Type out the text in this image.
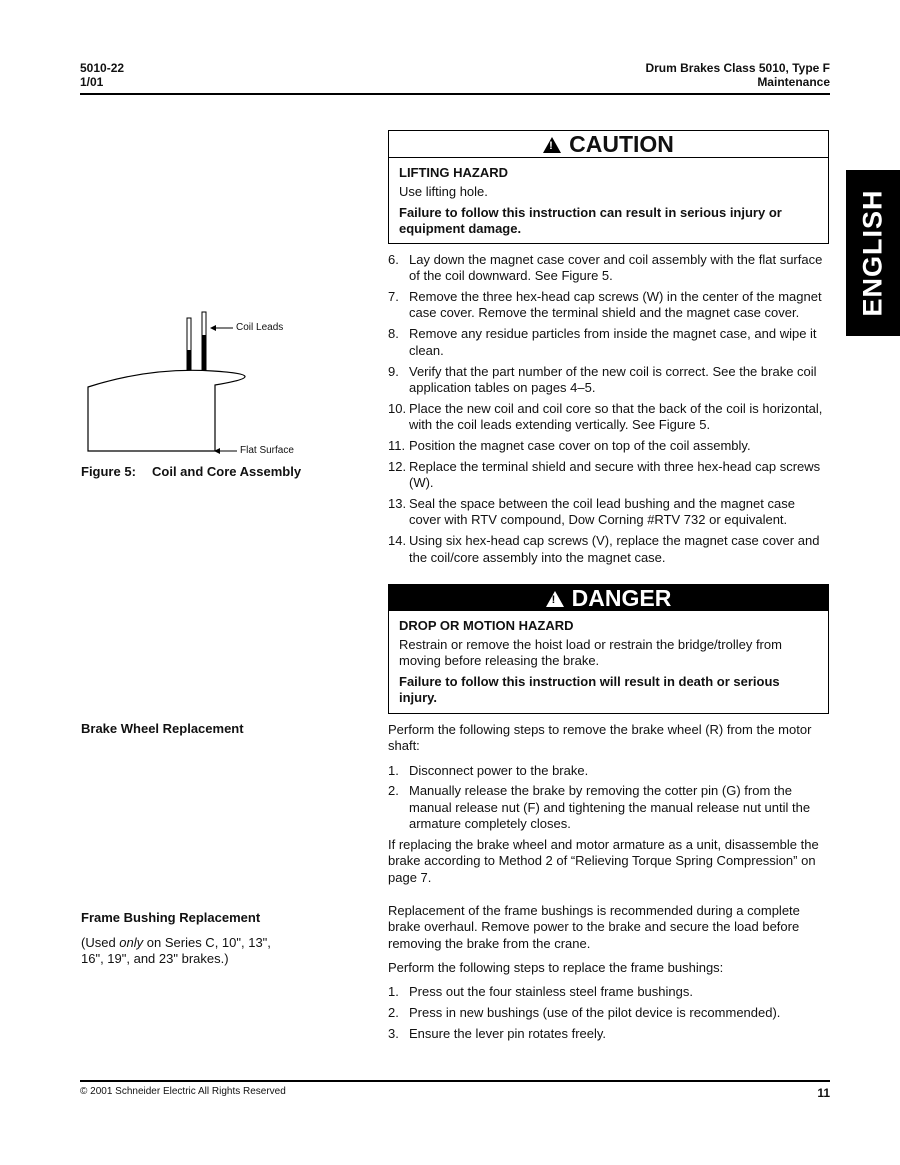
5010-22
1/01
Drum Brakes Class 5010, Type F
Maintenance
ENGLISH
! CAUTION
LIFTING HAZARD

Use lifting hole.

Failure to follow this instruction can result in serious injury or equipment damage.

Coil Leads
Flat Surface
Figure 5: Coil and Core Assembly
6. Lay down the magnet case cover and coil assembly with the flat surface of the coil downward. See Figure 5.
7. Remove the three hex-head cap screws (W) in the center of the magnet case cover. Remove the terminal shield and the magnet case cover.
8. Remove any residue particles from inside the magnet case, and wipe it clean.
9. Verify that the part number of the new coil is correct. See the brake coil application tables on pages 4–5.
10. Place the new coil and coil core so that the back of the coil is horizontal, with the coil leads extending vertically. See Figure 5.
11. Position the magnet case cover on top of the coil assembly.
12. Replace the terminal shield and secure with three hex-head cap screws (W).
13. Seal the space between the coil lead bushing and the magnet case cover with RTV compound, Dow Corning #RTV 732 or equivalent.
14. Using six hex-head cap screws (V), replace the magnet case cover and the coil/core assembly into the magnet case.
! DANGER
DROP OR MOTION HAZARD

Restrain or remove the hoist load or restrain the bridge/trolley from moving before releasing the brake.

Failure to follow this instruction will result in death or serious injury.

Brake Wheel Replacement	Perform the following steps to remove the brake wheel (R) from the motor shaft:
1. Disconnect power to the brake.
2. Manually release the brake by removing the cotter pin (G) from the manual release nut (F) and tightening the manual release nut until the armature completely closes.
If replacing the brake wheel and motor armature as a unit, disassemble the brake according to Method 2 of “Relieving Torque Spring Compression” on page 7.
Frame Bushing Replacement
(Used only on Series C, 10", 13", 16", 19", and 23" brakes.)
Replacement of the frame bushings is recommended during a complete brake overhaul. Remove power to the brake and secure the load before removing the brake from the crane.
Perform the following steps to replace the frame bushings:
1. Press out the four stainless steel frame bushings.
2. Press in new bushings (use of the pilot device is recommended).
3. Ensure the lever pin rotates freely.
© 2001 Schneider Electric All Rights Reserved	11
